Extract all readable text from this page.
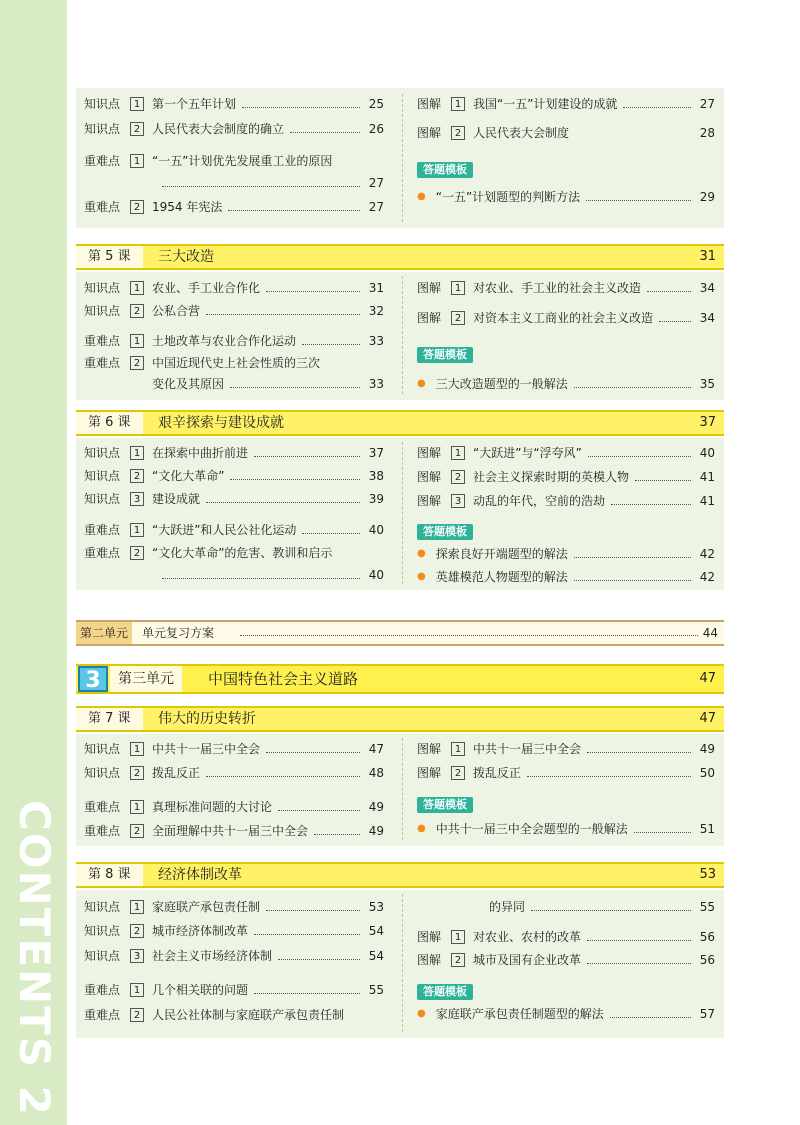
CONTENTS 2
知识点	1 第一个五年计划	25
知识点	2 人民代表大会制度的确立	26
重难点	1 “一五”计划优先发展重工业的原因
27
重难点	2 1954 年宪法	27
图解	1 我国“一五”计划建设的成就	27
图解	2 人民代表大会制度	28
答题模板
● “一五”计划题型的判断方法	29
第 5 课	三大改造	31
知识点	1 农业、手工业合作化	31
知识点	2 公私合营	32
重难点	1 土地改革与农业合作化运动	33
重难点	2 中国近现代史上社会性质的三次
变化及其原因	33
图解	1 对农业、手工业的社会主义改造	34
图解	2 对资本主义工商业的社会主义改造	34
答题模板
● 三大改造题型的一般解法	35
第 6 课	艰辛探索与建设成就	37
知识点	1 在探索中曲折前进	37
知识点	2 “文化大革命”	38
知识点	3 建设成就	39
重难点	1 “大跃进”和人民公社化运动	40
重难点	2 “文化大革命”的危害、教训和启示
40
图解	1 “大跃进”与“浮夸风”	40
图解	2 社会主义探索时期的英模人物	41
图解	3 动乱的年代，空前的浩劫	41
答题模板
● 探索良好开端题型的解法	42
● 英雄模范人物题型的解法	42
第二单元	单元复习方案	44
3	第三单元	中国特色社会主义道路	47
第 7 课	伟大的历史转折	47
知识点	1 中共十一届三中全会	47
知识点	2 拨乱反正	48
重难点	1 真理标准问题的大讨论	49
重难点	2 全面理解中共十一届三中全会	49
图解	1 中共十一届三中全会	49
图解	2 拨乱反正	50
答题模板
● 中共十一届三中全会题型的一般解法	51
第 8 课	经济体制改革	53
知识点	1 家庭联产承包责任制	53
知识点	2 城市经济体制改革	54
知识点	3 社会主义市场经济体制	54
重难点	1 几个相关联的问题	55
重难点	2 人民公社体制与家庭联产承包责任制
的异同	55
图解	1 对农业、农村的改革	56
图解	2 城市及国有企业改革	56
答题模板
● 家庭联产承包责任制题型的解法	57
